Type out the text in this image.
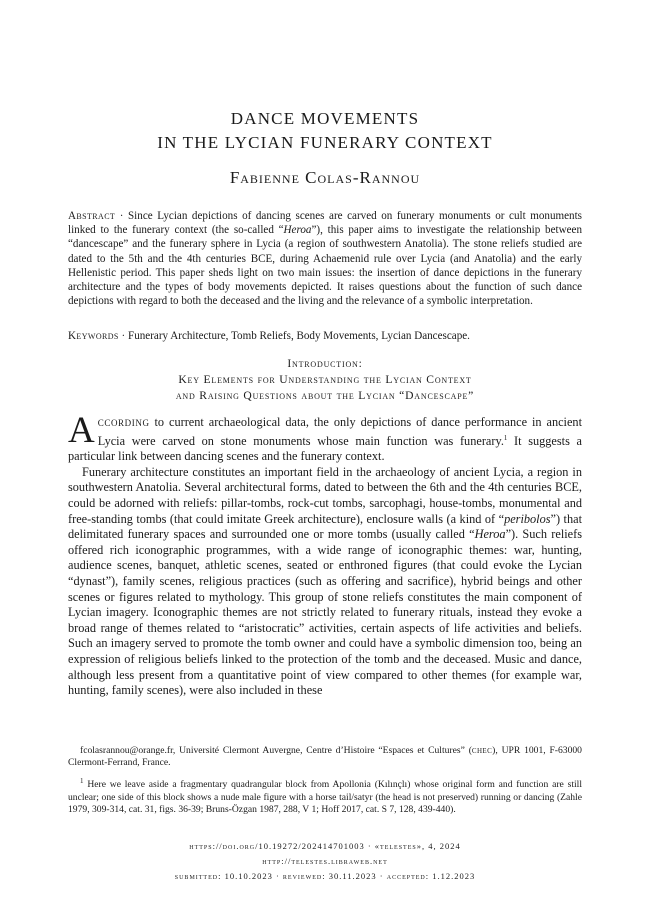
DANCE MOVEMENTS
IN THE LYCIAN FUNERARY CONTEXT
Fabienne Colas-Rannou
Abstract · Since Lycian depictions of dancing scenes are carved on funerary monuments or cult monuments linked to the funerary context (the so-called “Heroa”), this paper aims to investigate the relationship between “dancescape” and the funerary sphere in Lycia (a region of southwestern Anatolia). The stone reliefs studied are dated to the 5th and the 4th centuries BCE, during Achaemenid rule over Lycia (and Anatolia) and the early Hellenistic period. This paper sheds light on two main issues: the insertion of dance depictions in the funerary architecture and the types of body movements depicted. It raises questions about the function of such dance depictions with regard to both the deceased and the living and the relevance of a symbolic interpretation.
Keywords · Funerary Architecture, Tomb Reliefs, Body Movements, Lycian Dancescape.
Introduction:
Key Elements for Understanding the Lycian Context
and Raising Questions about the Lycian “Dancescape”

According to current archaeological data, the only depictions of dance performance in ancient Lycia were carved on stone monuments whose main function was funerary.$^1$ It suggests a particular link between dancing scenes and the funerary context.

Funerary architecture constitutes an important field in the archaeology of ancient Lycia, a region in southwestern Anatolia. Several architectural forms, dated to between the 6th and the 4th centuries BCE, could be adorned with reliefs: pillar-tombs, rock-cut tombs, sarcophagi, house-tombs, monumental and free-standing tombs (that could imitate Greek architecture), enclosure walls (a kind of “peribolos”) that delimitated funerary spaces and surrounded one or more tombs (usually called “Heroa”). Such reliefs offered rich iconographic programmes, with a wide range of iconographic themes: war, hunting, audience scenes, banquet, athletic scenes, seated or enthroned figures (that could evoke the Lycian “dynast”), family scenes, religious practices (such as offering and sacrifice), hybrid beings and other scenes or figures related to mythology. This group of stone reliefs constitutes the main component of Lycian imagery. Iconographic themes are not strictly related to funerary rituals, instead they evoke a broad range of themes related to “aristocratic” activities, certain aspects of life activities and beliefs. Such an imagery served to promote the tomb owner and could have a symbolic dimension too, being an expression of religious beliefs linked to the protection of the tomb and the deceased. Music and dance, although less present from a quantitative point of view compared to other themes (for example war, hunting, family scenes), were also included in these

fcolasrannou@orange.fr, Université Clermont Auvergne, Centre d’Histoire “Espaces et Cultures” (chec), UPR 1001, F-63000 Clermont-Ferrand, France.

$^1$ Here we leave aside a fragmentary quadrangular block from Apollonia (Kılınçlı) whose original form and function are still unclear; one side of this block shows a nude male figure with a horse tail/satyr (the head is not preserved) running or dancing (Zahle 1979, 309-314, cat. 31, figs. 36-39; Bruns-Özgan 1987, 288, V 1; Hoff 2017, cat. S 7, 128, 439-440).

https://doi.org/10.19272/202414701003 · «telestes», 4, 2024
http://telestes.libraweb.net
submitted: 10.10.2023 · reviewed: 30.11.2023 · accepted: 1.12.2023
